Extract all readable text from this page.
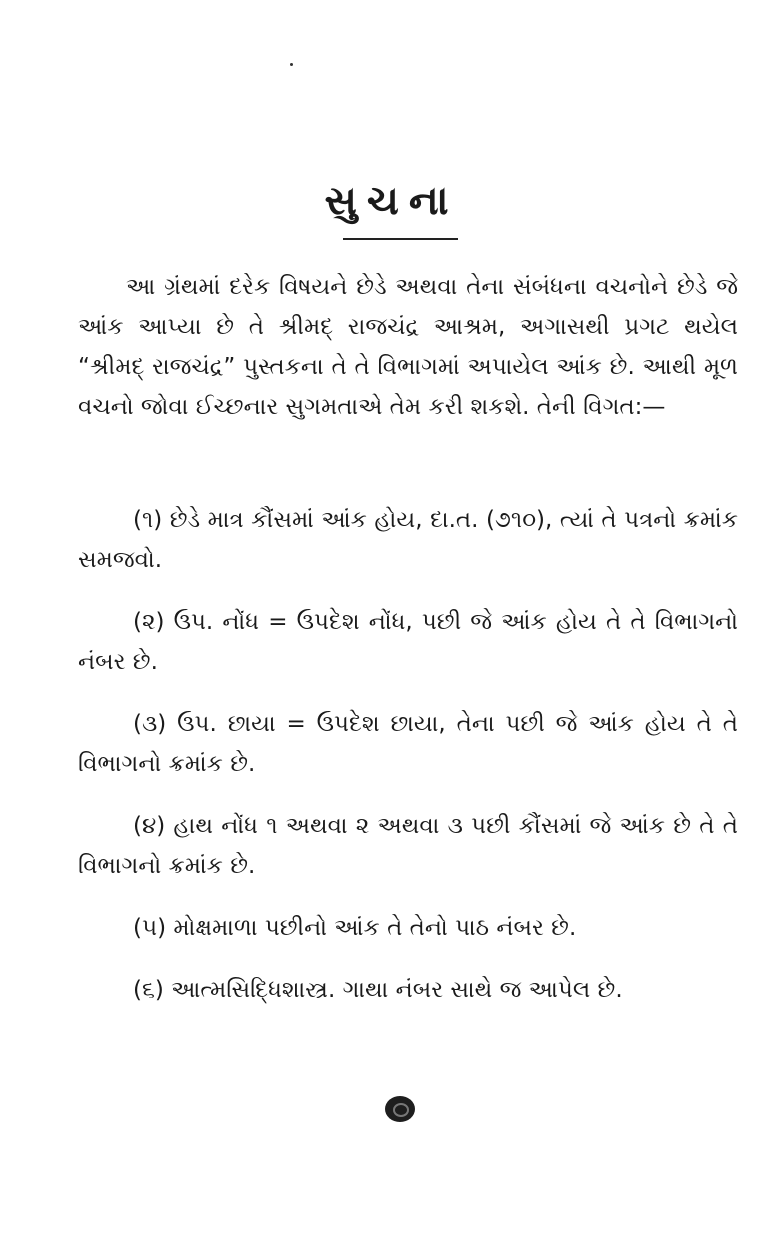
સુચના

આ ગ્રંથમાં દરેક વિષયને છેડે અથવા તેના સંબંધના વચનોને છેડે જે આંક આપ્યા છે તે શ્રીમદ્ રાજચંદ્ર આશ્રમ, અગાસથી પ્રગટ થયેલ “શ્રીમદ્ રાજચંદ્ર” પુસ્તકના તે તે વિભાગમાં અપાયેલ આંક છે. આથી મૂળ વચનો જોવા ઈચ્છનાર સુગમતાએ તેમ કરી શકશે. તેની વિગત:—

(૧) છેડે માત્ર કૌંસમાં આંક હોય, દા.ત. (૭૧૦), ત્યાં તે પત્રનો ક્રમાંક સમજવો.

(૨) ઉપ. નોંધ = ઉપદેશ નોંધ, પછી જે આંક હોય તે તે વિભાગનો નંબર છે.

(૩) ઉપ. છાયા = ઉપદેશ છાયા, તેના પછી જે આંક હોય તે તે વિભાગનો ક્રમાંક છે.

(૪) હાથ નોંધ ૧ અથવા ૨ અથવા ૩ પછી કૌંસમાં જે આંક છે તે તે વિભાગનો ક્રમાંક છે.

(૫) મોક્ષમાળા પછીનો આંક તે તેનો પાઠ નંબર છે.

(૬) આત્મસિદ્ધિશાસ્ત્ર. ગાથા નંબર સાથે જ આપેલ છે.
